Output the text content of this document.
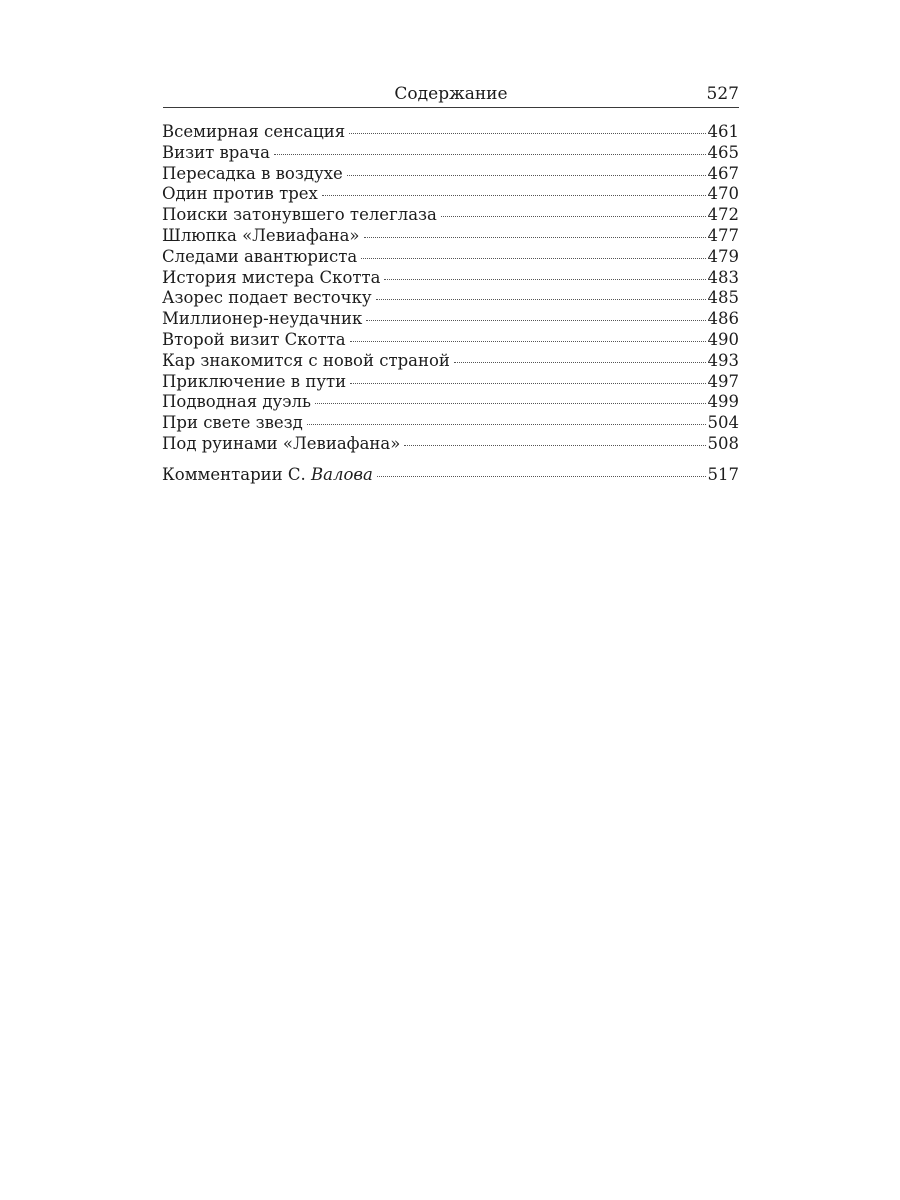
Содержание	527
Всемирная сенсация	461
Визит врача	465
Пересадка в воздухе	467
Один против трех	470
Поиски затонувшего телеглаза	472
Шлюпка «Левиафана»	477
Следами авантюриста	479
История мистера Скотта	483
Азорес подает весточку	485
Миллионер-неудачник	486
Второй визит Скотта	490
Кар знакомится с новой страной	493
Приключение в пути	497
Подводная дуэль	499
При свете звезд	504
Под руинами «Левиафана»	508
Комментарии С. Валова	517
